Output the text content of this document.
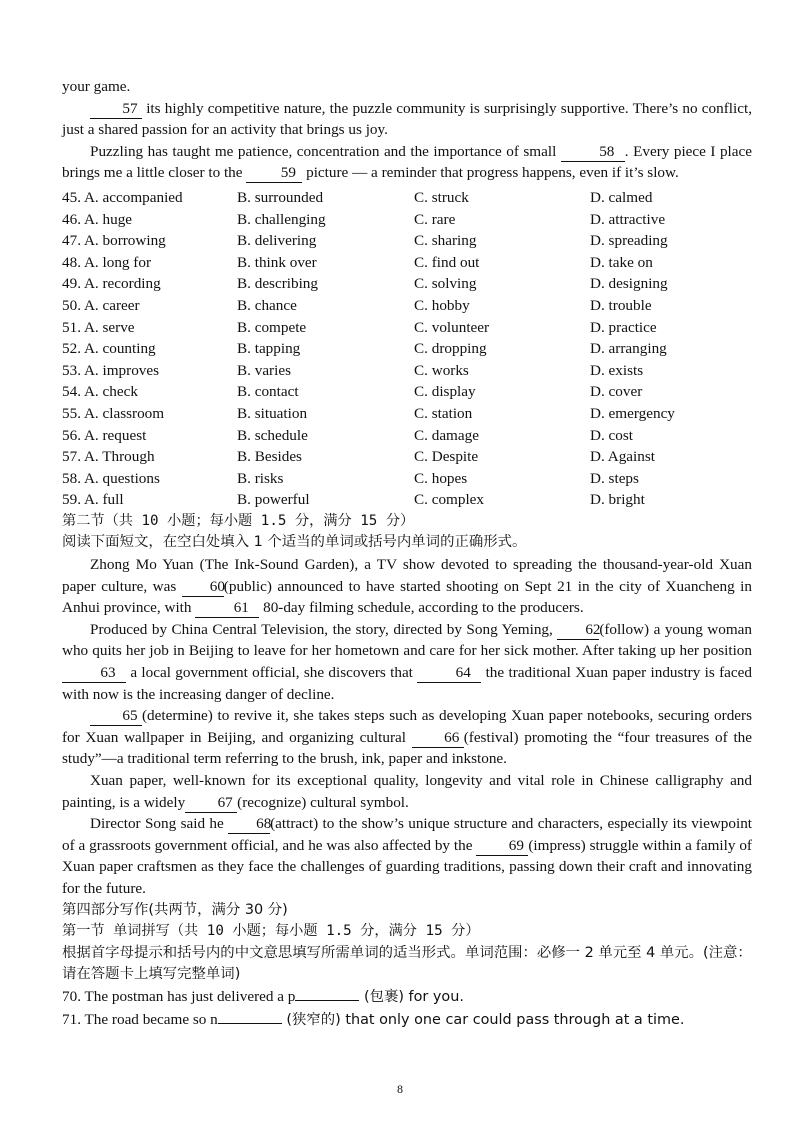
your game.

57 its highly competitive nature, the puzzle community is surprisingly supportive. There’s no conflict, just a shared passion for an activity that brings us joy.

Puzzling has taught me patience, concentration and the importance of small	58 . Every piece I place brings me a little closer to the 59 picture — a reminder that progress happens, even if it’s slow.

45. A. accompanied	B. surrounded	C. struck	D. calmed
46. A. huge	B. challenging	C. rare	D. attractive
47. A. borrowing	B. delivering	C. sharing	D. spreading
48. A. long for	B. think over	C. find out	D. take on
49. A. recording	B. describing	C. solving	D. designing
50. A. career	B. chance	C. hobby	D. trouble
51. A. serve	B. compete	C. volunteer	D. practice
52. A. counting	B. tapping	C. dropping	D. arranging
53. A. improves	B. varies	C. works	D. exists
54. A. check	B. contact	C. display	D. cover
55. A. classroom	B. situation	C. station	D. emergency
56. A. request	B. schedule	C. damage	D. cost
57. A. Through	B. Besides	C. Despite	D. Against
58. A. questions	B. risks	C. hopes	D. steps
59. A. full	B. powerful	C. complex	D. bright

第二节（共 10 小题；每小题 1.5 分，满分 15 分）

阅读下面短文，在空白处填入 1 个适当的单词或括号内单词的正确形式。

Zhong Mo Yuan (The Ink-Sound Garden), a TV show devoted to spreading the thousand-year-old Xuan paper culture, was 60(public) announced to have started shooting on Sept 21 in the city of Xuancheng in Anhui province, with	61 80-day filming schedule, according to the producers.

Produced by China Central Television, the story, directed by Song Yeming, 62(follow) a young woman who quits her job in Beijing to leave for her hometown and care for her sick mother. After taking up her position 63 a local government official, she discovers that	64 the traditional Xuan paper industry is faced with now is the increasing danger of decline.

65 (determine) to revive it, she takes steps such as developing Xuan paper notebooks, securing orders for Xuan wallpaper in Beijing, and organizing cultural 66 (festival) promoting the “four treasures of the study”—a traditional term referring to the brush, ink, paper and inkstone.

Xuan paper, well-known for its exceptional quality, longevity and vital role in Chinese calligraphy and painting, is a widely 67 (recognize) cultural symbol.

Director Song said he 68(attract) to the show’s unique structure and characters, especially its viewpoint of a grassroots government official, and he was also affected by the 69 (impress) struggle within a family of Xuan paper craftsmen as they face the challenges of guarding traditions, passing down their craft and innovating for the future.

第四部分写作(共两节，满分 30 分)

第一节 单词拼写（共 10 小题；每小题 1.5 分，满分 15 分）

根据首字母提示和括号内的中文意思填写所需单词的适当形式。单词范围：必修一 2 单元至 4 单元。(注意：请在答题卡上填写完整单词)

70. The postman has just delivered a p	(包裹) for you.

71. The road became so n	(狭窄的) that only one car could pass through at a time.

8
